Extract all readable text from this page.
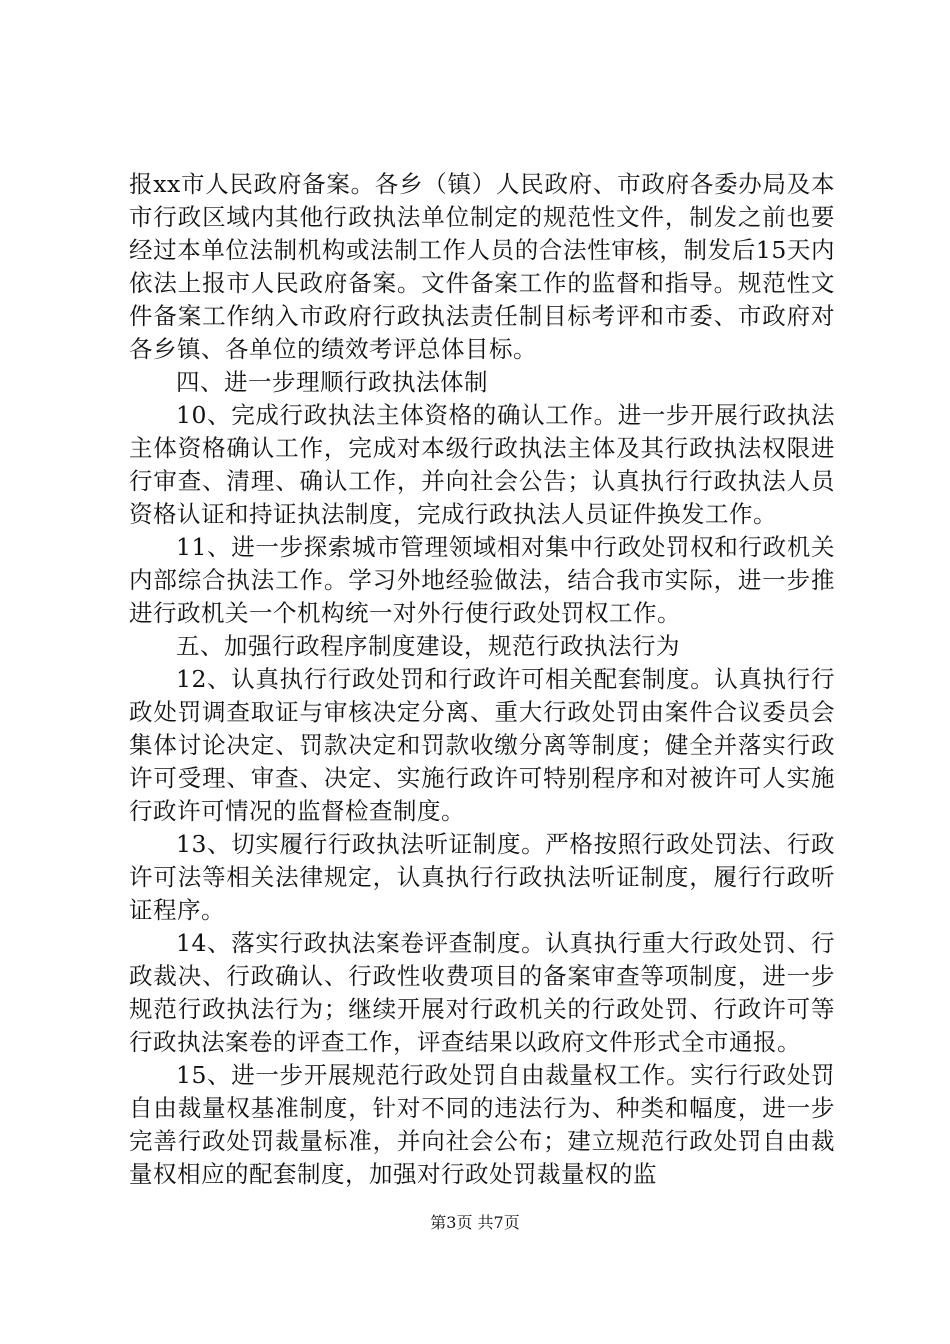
报xx市人民政府备案。各乡（镇）人民政府、市政府各委办局及本市行政区域内其他行政执法单位制定的规范性文件，制发之前也要经过本单位法制机构或法制工作人员的合法性审核，制发后15天内依法上报市人民政府备案。文件备案工作的监督和指导。规范性文件备案工作纳入市政府行政执法责任制目标考评和市委、市政府对各乡镇、各单位的绩效考评总体目标。

四、进一步理顺行政执法体制

10、完成行政执法主体资格的确认工作。进一步开展行政执法主体资格确认工作，完成对本级行政执法主体及其行政执法权限进行审查、清理、确认工作，并向社会公告；认真执行行政执法人员资格认证和持证执法制度，完成行政执法人员证件换发工作。

11、进一步探索城市管理领域相对集中行政处罚权和行政机关内部综合执法工作。学习外地经验做法，结合我市实际，进一步推进行政机关一个机构统一对外行使行政处罚权工作。

五、加强行政程序制度建设，规范行政执法行为

12、认真执行行政处罚和行政许可相关配套制度。认真执行行政处罚调查取证与审核决定分离、重大行政处罚由案件合议委员会集体讨论决定、罚款决定和罚款收缴分离等制度；健全并落实行政许可受理、审查、决定、实施行政许可特别程序和对被许可人实施行政许可情况的监督检查制度。

13、切实履行行政执法听证制度。严格按照行政处罚法、行政许可法等相关法律规定，认真执行行政执法听证制度，履行行政听证程序。

14、落实行政执法案卷评查制度。认真执行重大行政处罚、行政裁决、行政确认、行政性收费项目的备案审查等项制度，进一步规范行政执法行为；继续开展对行政机关的行政处罚、行政许可等行政执法案卷的评查工作，评查结果以政府文件形式全市通报。

15、进一步开展规范行政处罚自由裁量权工作。实行行政处罚自由裁量权基准制度，针对不同的违法行为、种类和幅度，进一步完善行政处罚裁量标准，并向社会公布；建立规范行政处罚自由裁量权相应的配套制度，加强对行政处罚裁量权的监

第3页 共7页
